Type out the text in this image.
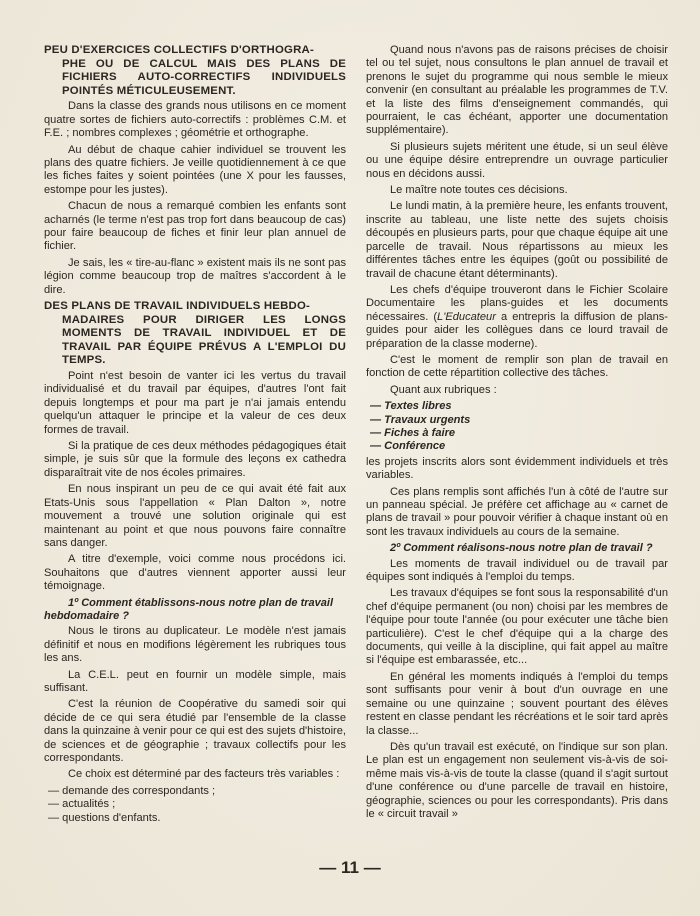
PEU D'EXERCICES COLLECTIFS D'ORTHOGRA-
PHE OU DE CALCUL MAIS DES PLANS DE FICHIERS AUTO-CORRECTIFS INDIVIDUELS POINTÉS MÉTICULEUSEMENT.

Dans la classe des grands nous utilisons en ce moment quatre sortes de fichiers auto-correctifs : problèmes C.M. et F.E. ; nombres complexes ; géométrie et orthographe.

Au début de chaque cahier individuel se trouvent les plans des quatre fichiers. Je veille quotidiennement à ce que les fiches faites y soient pointées (une X pour les fausses, estompe pour les justes).

Chacun de nous a remarqué combien les enfants sont acharnés (le terme n'est pas trop fort dans beaucoup de cas) pour faire beaucoup de fiches et finir leur plan annuel de fichier.

Je sais, les « tire-au-flanc » existent mais ils ne sont pas légion comme beaucoup trop de maîtres s'accordent à le dire.

DES PLANS DE TRAVAIL INDIVIDUELS HEBDO-
MADAIRES POUR DIRIGER LES LONGS MOMENTS DE TRAVAIL INDIVIDUEL ET DE TRAVAIL PAR ÉQUIPE PRÉVUS A L'EMPLOI DU TEMPS.

Point n'est besoin de vanter ici les vertus du travail individualisé et du travail par équipes, d'autres l'ont fait depuis longtemps et pour ma part je n'ai jamais entendu quelqu'un attaquer le principe et la valeur de ces deux formes de travail.

Si la pratique de ces deux méthodes pédagogiques était simple, je suis sûr que la formule des leçons ex cathedra disparaîtrait vite de nos écoles primaires.

En nous inspirant un peu de ce qui avait été fait aux Etats-Unis sous l'appellation « Plan Dalton », notre mouvement a trouvé une solution originale qui est maintenant au point et que nous pouvons faire connaître sans danger.

A titre d'exemple, voici comme nous procédons ici. Souhaitons que d'autres viennent apporter aussi leur témoignage.

1º Comment établissons-nous notre plan de travail
hebdomadaire ?

Nous le tirons au duplicateur. Le modèle n'est jamais définitif et nous en modifions légèrement les rubriques tous les ans.

La C.E.L. peut en fournir un modèle simple, mais suffisant.

C'est la réunion de Coopérative du samedi soir qui décide de ce qui sera étudié par l'ensemble de la classe dans la quinzaine à venir pour ce qui est des sujets d'histoire, de sciences et de géographie ; travaux collectifs pour les correspondants.

Ce choix est déterminé par des facteurs très variables :

— demande des correspondants ;
— actualités ;
— questions d'enfants.

Quand nous n'avons pas de raisons précises de choisir tel ou tel sujet, nous consultons le plan annuel de travail et prenons le sujet du programme qui nous semble le mieux convenir (en consultant au préalable les programmes de T.V. et la liste des films d'enseignement commandés, qui pourraient, le cas échéant, apporter une documentation supplémentaire).

Si plusieurs sujets méritent une étude, si un seul élève ou une équipe désire entreprendre un ouvrage particulier nous en décidons aussi.

Le maître note toutes ces décisions.

Le lundi matin, à la première heure, les enfants trouvent, inscrite au tableau, une liste nette des sujets choisis découpés en plusieurs parts, pour que chaque équipe ait une parcelle de travail. Nous répartissons au mieux les différentes tâches entre les équipes (goût ou possibilité de travail de chacune étant déterminants).

Les chefs d'équipe trouveront dans le Fichier Scolaire Documentaire les plans-guides et les documents nécessaires. (L'Educateur a entrepris la diffusion de plans-guides pour aider les collègues dans ce lourd travail de préparation de la classe moderne).

C'est le moment de remplir son plan de travail en fonction de cette répartition collective des tâches.

Quant aux rubriques :

— Textes libres
— Travaux urgents
— Fiches à faire
— Conférence

les projets inscrits alors sont évidemment individuels et très variables.

Ces plans remplis sont affichés l'un à côté de l'autre sur un panneau spécial. Je préfère cet affichage au « carnet de plans de travail » pour pouvoir vérifier à chaque instant où en sont les travaux individuels au cours de la semaine.

2º Comment réalisons-nous notre plan de travail ?

Les moments de travail individuel ou de travail par équipes sont indiqués à l'emploi du temps.

Les travaux d'équipes se font sous la responsabilité d'un chef d'équipe permanent (ou non) choisi par les membres de l'équipe pour toute l'année (ou pour exécuter une tâche bien particulière). C'est le chef d'équipe qui a la charge des documents, qui veille à la discipline, qui fait appel au maître si l'équipe est embarassée, etc...

En général les moments indiqués à l'emploi du temps sont suffisants pour venir à bout d'un ouvrage en une semaine ou une quinzaine ; souvent pourtant des élèves restent en classe pendant les récréations et le soir tard après la classe...

Dès qu'un travail est exécuté, on l'indique sur son plan. Le plan est un engagement non seulement vis-à-vis de soi-même mais vis-à-vis de toute la classe (quand il s'agit surtout d'une conférence ou d'une parcelle de travail en histoire, géographie, sciences ou pour les correspondants). Pris dans le « circuit travail »

— 11 —
